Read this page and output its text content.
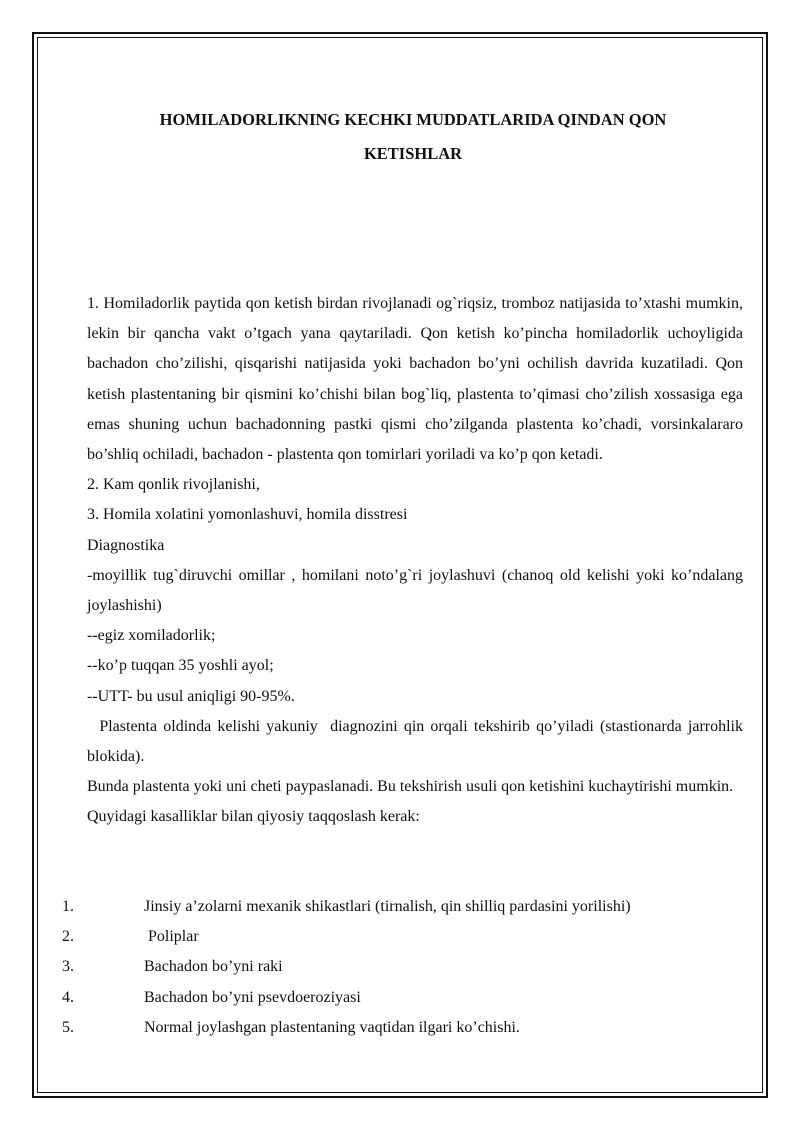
HOMILADORLIKNING KECHKI MUDDATLARIDA QINDAN QON
KETISHLAR

1. Homiladorlik paytida qon ketish birdan rivojlanadi og`riqsiz, tromboz natijasida to’xtashi mumkin, lekin bir qancha vakt o’tgach yana qaytariladi. Qon ketish ko’pincha homiladorlik uchoyligida bachadon cho’zilishi, qisqarishi natijasida yoki bachadon bo’yni ochilish davrida kuzatiladi. Qon ketish plastentaning bir qismini ko’chishi bilan bog`liq, plastenta to’qimasi cho’zilish xossasiga ega emas shuning uchun bachadonning pastki qismi cho’zilganda plastenta ko’chadi, vorsinkalararo bo’shliq ochiladi, bachadon - plastenta qon tomirlari yoriladi va ko’p qon ketadi.

2. Kam qonlik rivojlanishi,

3. Homila xolatini yomonlashuvi, homila disstresi

Diagnostika

-moyillik tug`diruvchi omillar , homilani noto’g`ri joylashuvi (chanoq old kelishi yoki ko’ndalang joylashishi)

--egiz xomiladorlik;

--ko’p tuqqan 35 yoshli ayol;

--UTT- bu usul aniqligi 90-95%.

Plastenta oldinda kelishi yakuniy  diagnozini qin orqali tekshirib qo’yiladi (stastionarda jarrohlik blokida).

Bunda plastenta yoki uni cheti paypaslanadi. Bu tekshirish usuli qon ketishini kuchaytirishi mumkin.

Quyidagi kasalliklar bilan qiyosiy taqqoslash kerak:

1.	Jinsiy a’zolarni mexanik shikastlari (tirnalish, qin shilliq pardasini yorilishi)
2.	Poliplar
3.	Bachadon bo’yni raki
4.	Bachadon bo’yni psevdoeroziyasi
5.	Normal joylashgan plastentaning vaqtidan ilgari ko’chishi.
